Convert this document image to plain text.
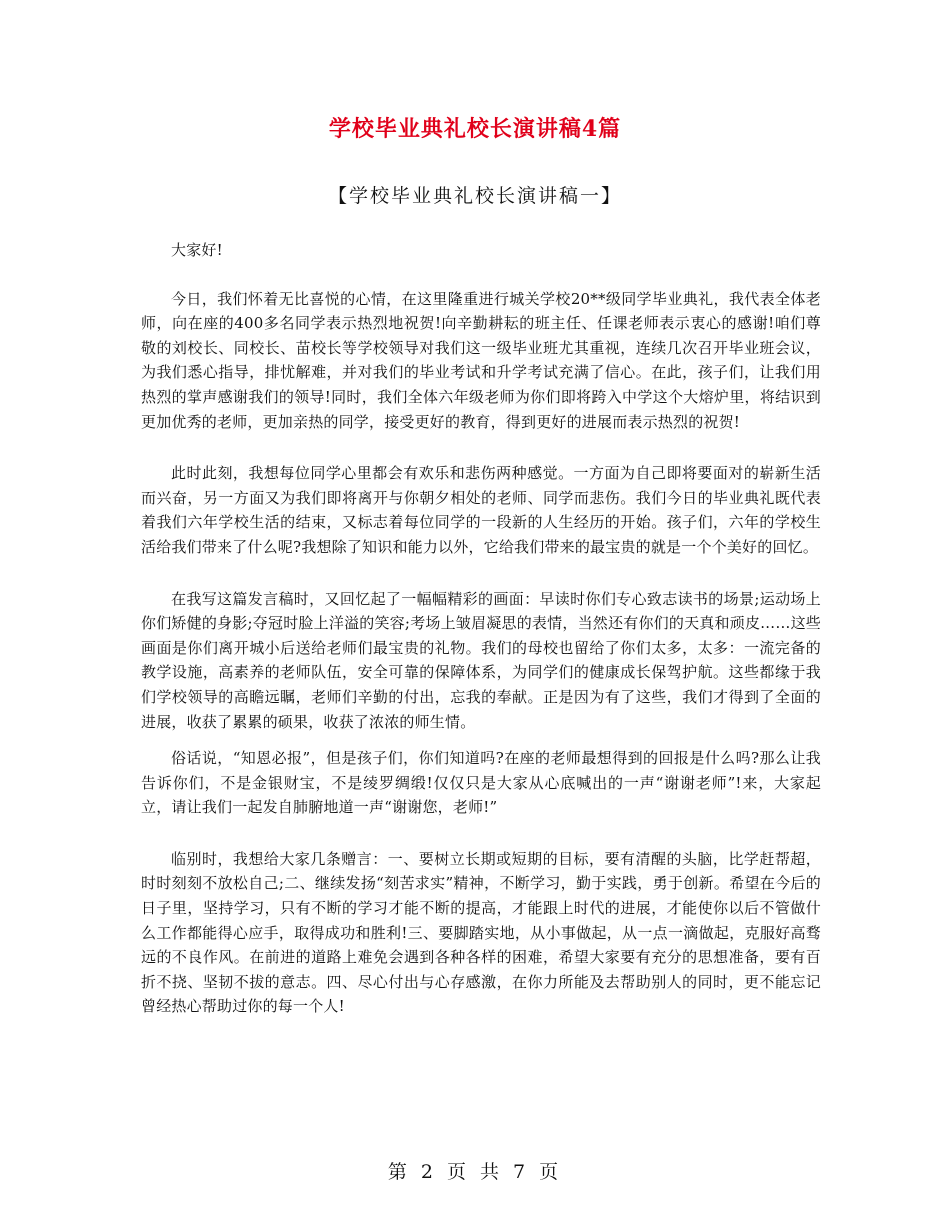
学校毕业典礼校长演讲稿4篇
【学校毕业典礼校长演讲稿一】

大家好!

今日，我们怀着无比喜悦的心情，在这里隆重进行城关学校20**级同学毕业典礼，我代表全体老师，向在座的400多名同学表示热烈地祝贺!向辛勤耕耘的班主任、任课老师表示衷心的感谢!咱们尊敬的刘校长、同校长、苗校长等学校领导对我们这一级毕业班尤其重视，连续几次召开毕业班会议，为我们悉心指导，排忧解难，并对我们的毕业考试和升学考试充满了信心。在此，孩子们，让我们用热烈的掌声感谢我们的领导!同时，我们全体六年级老师为你们即将跨入中学这个大熔炉里，将结识到更加优秀的老师，更加亲热的同学，接受更好的教育，得到更好的进展而表示热烈的祝贺!

此时此刻，我想每位同学心里都会有欢乐和悲伤两种感觉。一方面为自己即将要面对的崭新生活而兴奋，另一方面又为我们即将离开与你朝夕相处的老师、同学而悲伤。我们今日的毕业典礼既代表着我们六年学校生活的结束，又标志着每位同学的一段新的人生经历的开始。孩子们，六年的学校生活给我们带来了什么呢?我想除了知识和能力以外，它给我们带来的最宝贵的就是一个个美好的回忆。

在我写这篇发言稿时，又回忆起了一幅幅精彩的画面：早读时你们专心致志读书的场景;运动场上你们矫健的身影;夺冠时脸上洋溢的笑容;考场上皱眉凝思的表情，当然还有你们的天真和顽皮……这些画面是你们离开城小后送给老师们最宝贵的礼物。我们的母校也留给了你们太多，太多：一流完备的教学设施，高素养的老师队伍，安全可靠的保障体系，为同学们的健康成长保驾护航。这些都缘于我们学校领导的高瞻远瞩，老师们辛勤的付出，忘我的奉献。正是因为有了这些，我们才得到了全面的进展，收获了累累的硕果，收获了浓浓的师生情。

俗话说，“知恩必报”，但是孩子们，你们知道吗?在座的老师最想得到的回报是什么吗?那么让我告诉你们，不是金银财宝，不是绫罗绸缎!仅仅只是大家从心底喊出的一声“谢谢老师”!来，大家起立，请让我们一起发自肺腑地道一声“谢谢您，老师!”

临别时，我想给大家几条赠言：一、要树立长期或短期的目标，要有清醒的头脑，比学赶帮超，时时刻刻不放松自己;二、继续发扬“刻苦求实”精神，不断学习，勤于实践，勇于创新。希望在今后的日子里，坚持学习，只有不断的学习才能不断的提高，才能跟上时代的进展，才能使你以后不管做什么工作都能得心应手，取得成功和胜利!三、要脚踏实地，从小事做起，从一点一滴做起，克服好高骛远的不良作风。在前进的道路上难免会遇到各种各样的困难，希望大家要有充分的思想准备，要有百折不挠、坚韧不拔的意志。四、尽心付出与心存感激，在你力所能及去帮助别人的同时，更不能忘记曾经热心帮助过你的每一个人!

第 2 页 共 7 页
